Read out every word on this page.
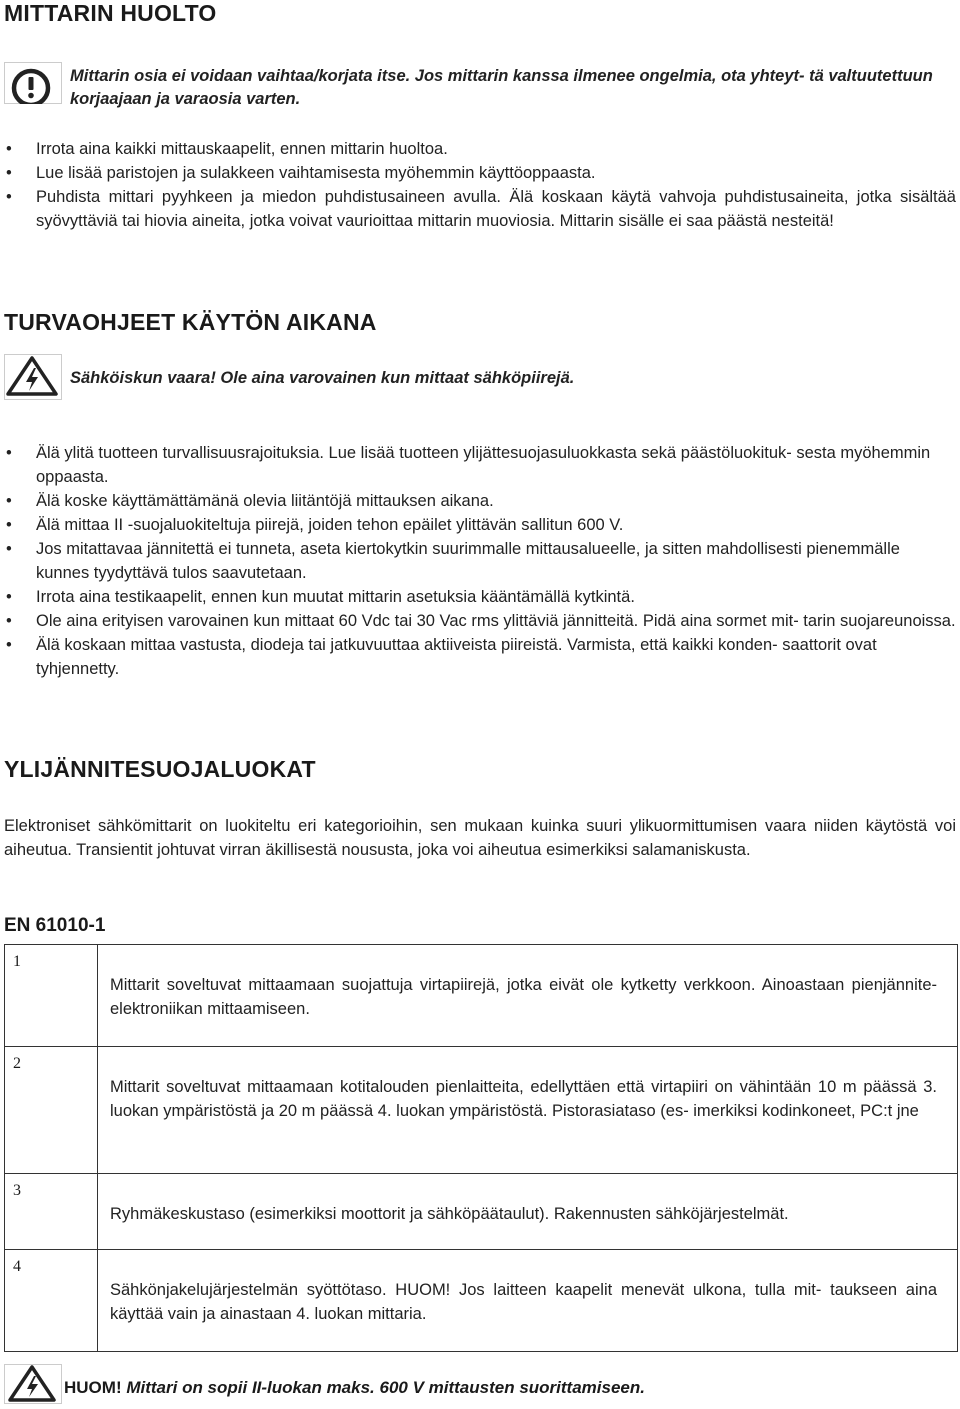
MITTARIN HUOLTO
Mittarin osia ei voidaan vaihtaa/korjata itse. Jos mittarin kanssa ilmenee ongelmia, ota yhteyt- tä valtuutettuun korjaajaan ja varaosia varten.
• Irrota aina kaikki mittauskaapelit, ennen mittarin huoltoa.
• Lue lisää paristojen ja sulakkeen vaihtamisesta myöhemmin käyttöoppaasta.
• Puhdista mittari pyyhkeen ja miedon puhdistusaineen avulla. Älä koskaan käytä vahvoja puhdistusaineita, jotka sisältää syövyttäviä tai hiovia aineita, jotka voivat vaurioittaa mittarin muoviosia. Mittarin sisälle ei saa päästä nesteitä!
TURVAOHJEET KÄYTÖN AIKANA
Sähköiskun vaara! Ole aina varovainen kun mittaat sähköpiirejä.
• Älä ylitä tuotteen turvallisuusrajoituksia. Lue lisää tuotteen ylijättesuojasuluokkasta sekä päästöluokituk- sesta myöhemmin oppaasta.
• Älä koske käyttämättämänä olevia liitäntöjä mittauksen aikana.
• Älä mittaa II -suojaluokiteltuja piirejä, joiden tehon epäilet ylittävän sallitun 600 V.
• Jos mitattavaa jännitettä ei tunneta, aseta kiertokytkin suurimmalle mittausalueelle, ja sitten mahdollisesti pienemmälle kunnes tyydyttävä tulos saavutetaan.
• Irrota aina testikaapelit, ennen kun muutat mittarin asetuksia kääntämällä kytkintä.
• Ole aina erityisen varovainen kun mittaat 60 Vdc tai 30 Vac rms ylittäviä jännitteitä. Pidä aina sormet mit- tarin suojareunoissa.
• Älä koskaan mittaa vastusta, diodeja tai jatkuvuuttaa aktiiveista piireistä. Varmista, että kaikki konden- saattorit ovat tyhjennetty.
YLIJÄNNITESUOJALUOKAT

Elektroniset sähkömittarit on luokiteltu eri kategorioihin, sen mukaan kuinka suuri ylikuormittumisen vaara niiden käytöstä voi aiheutua. Transientit johtuvat virran äkillisestä noususta, joka voi aiheutua esimerkiksi salamaniskusta.

EN 61010-1
1	Mittarit soveltuvat mittaamaan suojattuja virtapiirejä, jotka eivät ole kytketty verkkoon. Ainoastaan pienjännite-elektroniikan mittaamiseen.

2	Mittarit soveltuvat mittaamaan kotitalouden pienlaitteita, edellyttäen että virtapiiri on vähintään 10 m päässä 3. luokan ympäristöstä ja 20 m päässä 4. luokan ympäristöstä. Pistorasiataso (es- imerkiksi kodinkoneet, PC:t jne

3	Ryhmäkeskustaso (esimerkiksi moottorit ja sähköpäätaulut). Rakennusten sähköjärjestelmät.

4	Sähkönjakelujärjestelmän syöttötaso. HUOM! Jos laitteen kaapelit menevät ulkona, tulla mit- taukseen aina käyttää vain ja ainastaan 4. luokan mittaria.
HUOM! Mittari on sopii II-luokan maks. 600 V mittausten suorittamiseen.
